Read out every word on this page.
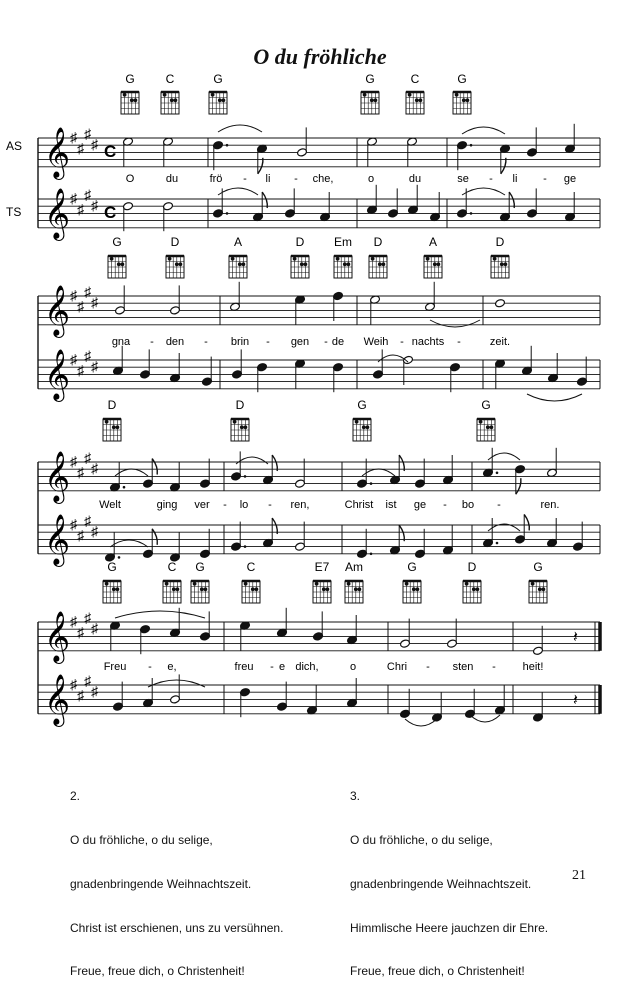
O du fröhliche
AS
TS
𝄞 ♯
♯
♯
♯ C
𝄞 ♯
♯
♯
♯ C
G	C	G	G	C	G
O	du	frö - li - che,	o	du	se - li - ge
𝄞 ♯
♯
♯
♯
𝄞 ♯
♯
♯
♯
G	D	A	D Em D	A	D
gna - den - brin - gen - de Weih - nachts -	zeit.
𝄞 ♯
♯
♯
♯
𝄞 ♯
♯
♯
♯
D	D	G	G
Welt	ging ver - lo - ren,	Christ ist ge - bo -	ren.
𝄞 ♯
♯
♯
♯
𝄞 ♯
♯
♯
♯
G	C G	C	E7 Am	G	D	G
Freu - e,	freu - e dich,	o	Chri - sten - heit!
𝄽
𝄽

2.

O du fröhliche, o du selige,

gnadenbringende Weihnachtszeit.

Christ ist erschienen, uns zu versühnen.

Freue, freue dich, o Christenheit!

3.

O du fröhliche, o du selige,

gnadenbringende Weihnachtszeit.

Himmlische Heere jauchzen dir Ehre.

Freue, freue dich, o Christenheit!

21
